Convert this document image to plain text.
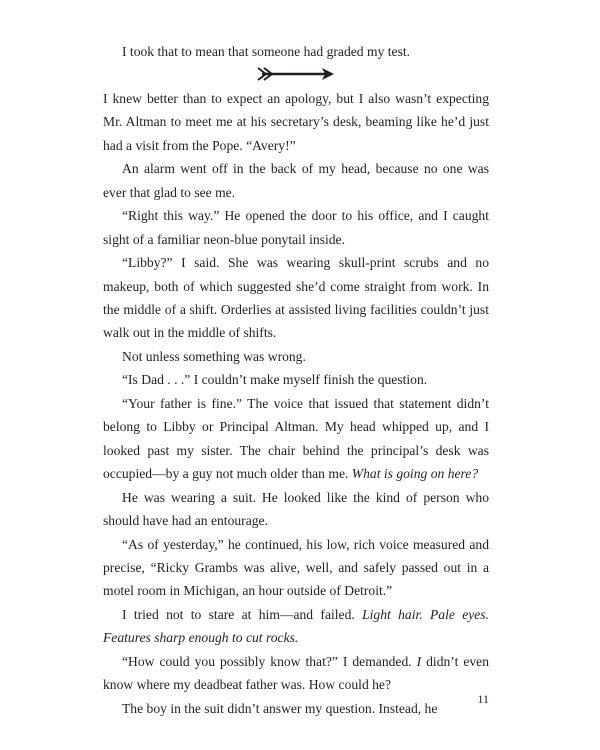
I took that to mean that someone had graded my test.

I knew better than to expect an apology, but I also wasn’t expecting Mr. Altman to meet me at his secretary’s desk, beaming like he’d just had a visit from the Pope. “Avery!”

An alarm went off in the back of my head, because no one was ever that glad to see me.

“Right this way.” He opened the door to his office, and I caught sight of a familiar neon-blue ponytail inside.

“Libby?” I said. She was wearing skull-print scrubs and no makeup, both of which suggested she’d come straight from work. In the middle of a shift. Orderlies at assisted living facilities couldn’t just walk out in the middle of shifts.

Not unless something was wrong.

“Is Dad . . .” I couldn’t make myself finish the question.

“Your father is fine.” The voice that issued that statement didn’t belong to Libby or Principal Altman. My head whipped up, and I looked past my sister. The chair behind the principal’s desk was occupied—by a guy not much older than me. What is going on here?

He was wearing a suit. He looked like the kind of person who should have had an entourage.

“As of yesterday,” he continued, his low, rich voice measured and precise, “Ricky Grambs was alive, well, and safely passed out in a motel room in Michigan, an hour outside of Detroit.”

I tried not to stare at him—and failed. Light hair. Pale eyes. Features sharp enough to cut rocks.

“How could you possibly know that?” I demanded. I didn’t even know where my deadbeat father was. How could he?

The boy in the suit didn’t answer my question. Instead, he

11
